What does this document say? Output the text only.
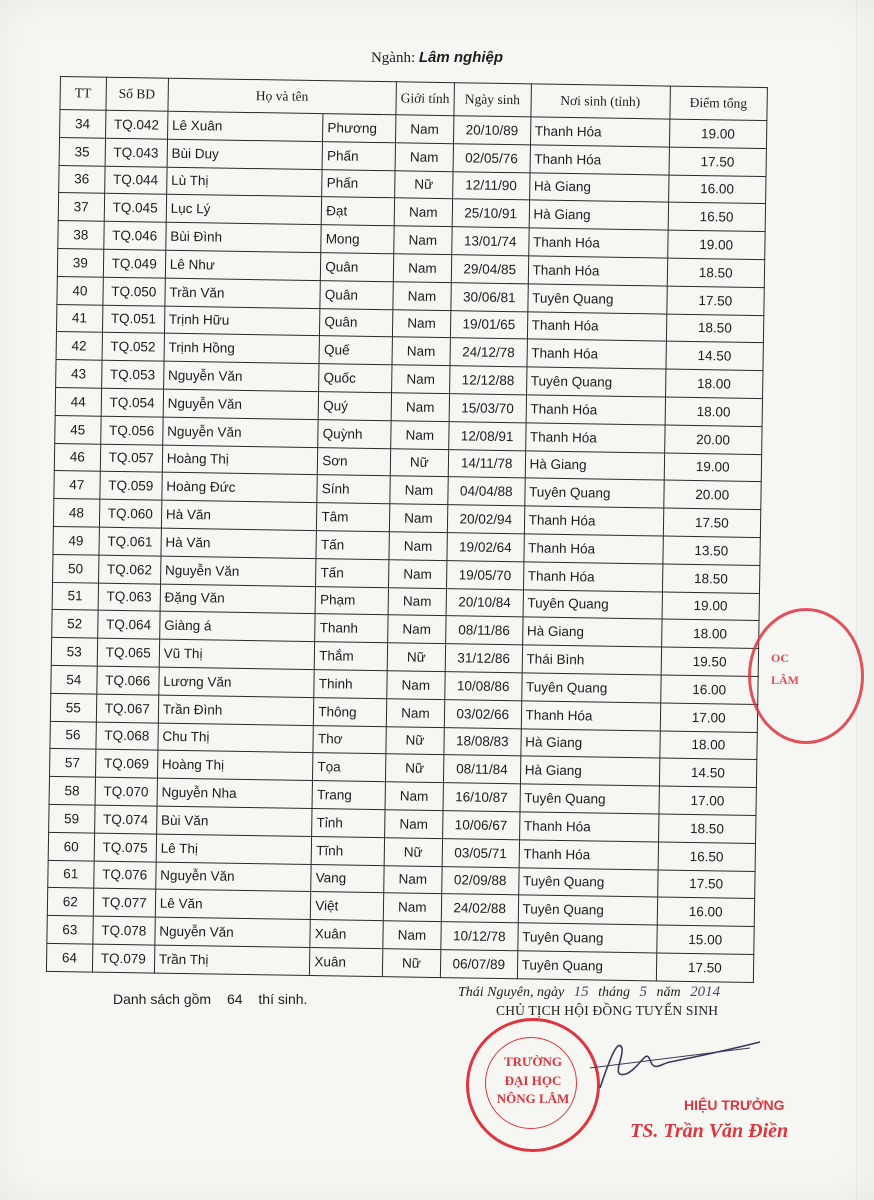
Ngành: Lâm nghiệp
TT	Số BD	Họ và tên		Giới tính	Ngày sinh	Nơi sinh (tỉnh)	Điểm tổng
34	TQ.042	Lê Xuân	Phương	Nam	20/10/89	Thanh Hóa	19.00
35	TQ.043	Bùi Duy	Phấn	Nam	02/05/76	Thanh Hóa	17.50
36	TQ.044	Lù Thị	Phấn	Nữ	12/11/90	Hà Giang	16.00
37	TQ.045	Lục Lý	Đạt	Nam	25/10/91	Hà Giang	16.50
38	TQ.046	Bùi Đình	Mong	Nam	13/01/74	Thanh Hóa	19.00
39	TQ.049	Lê Như	Quân	Nam	29/04/85	Thanh Hóa	18.50
40	TQ.050	Trần Văn	Quân	Nam	30/06/81	Tuyên Quang	17.50
41	TQ.051	Trịnh Hữu	Quân	Nam	19/01/65	Thanh Hóa	18.50
42	TQ.052	Trịnh Hồng	Quế	Nam	24/12/78	Thanh Hóa	14.50
43	TQ.053	Nguyễn Văn	Quốc	Nam	12/12/88	Tuyên Quang	18.00
44	TQ.054	Nguyễn Văn	Quý	Nam	15/03/70	Thanh Hóa	18.00
45	TQ.056	Nguyễn Văn	Quỳnh	Nam	12/08/91	Thanh Hóa	20.00
46	TQ.057	Hoàng Thị	Sơn	Nữ	14/11/78	Hà Giang	19.00
47	TQ.059	Hoàng Đức	Sính	Nam	04/04/88	Tuyên Quang	20.00
48	TQ.060	Hà Văn	Tâm	Nam	20/02/94	Thanh Hóa	17.50
49	TQ.061	Hà Văn	Tấn	Nam	19/02/64	Thanh Hóa	13.50
50	TQ.062	Nguyễn Văn	Tấn	Nam	19/05/70	Thanh Hóa	18.50
51	TQ.063	Đặng Văn	Phạm	Nam	20/10/84	Tuyên Quang	19.00
52	TQ.064	Giàng á	Thanh	Nam	08/11/86	Hà Giang	18.00
53	TQ.065	Vũ Thị	Thắm	Nữ	31/12/86	Thái Bình	19.50
54	TQ.066	Lương Văn	Thinh	Nam	10/08/86	Tuyên Quang	16.00
55	TQ.067	Trần Đình	Thông	Nam	03/02/66	Thanh Hóa	17.00
56	TQ.068	Chu Thị	Thơ	Nữ	18/08/83	Hà Giang	18.00
57	TQ.069	Hoàng Thị	Tọa	Nữ	08/11/84	Hà Giang	14.50
58	TQ.070	Nguyễn Nha	Trang	Nam	16/10/87	Tuyên Quang	17.00
59	TQ.074	Bùi Văn	Tỉnh	Nam	10/06/67	Thanh Hóa	18.50
60	TQ.075	Lê Thị	Tĩnh	Nữ	03/05/71	Thanh Hóa	16.50
61	TQ.076	Nguyễn Văn	Vang	Nam	02/09/88	Tuyên Quang	17.50
62	TQ.077	Lê Văn	Việt	Nam	24/02/88	Tuyên Quang	16.00
63	TQ.078	Nguyễn Văn	Xuân	Nam	10/12/78	Tuyên Quang	15.00
64	TQ.079	Trần Thị	Xuân	Nữ	06/07/89	Tuyên Quang	17.50
Danh sách gồm 64 thí sinh.	Thái Nguyên, ngày 15 tháng 5 năm 2014
CHỦ TỊCH HỘI ĐỒNG TUYỂN SINH
OC
LÂM
TRƯỜNG
ĐẠI HỌC
NÔNG LÂM	HIỆU TRƯỞNG
TS. Trần Văn Điền
